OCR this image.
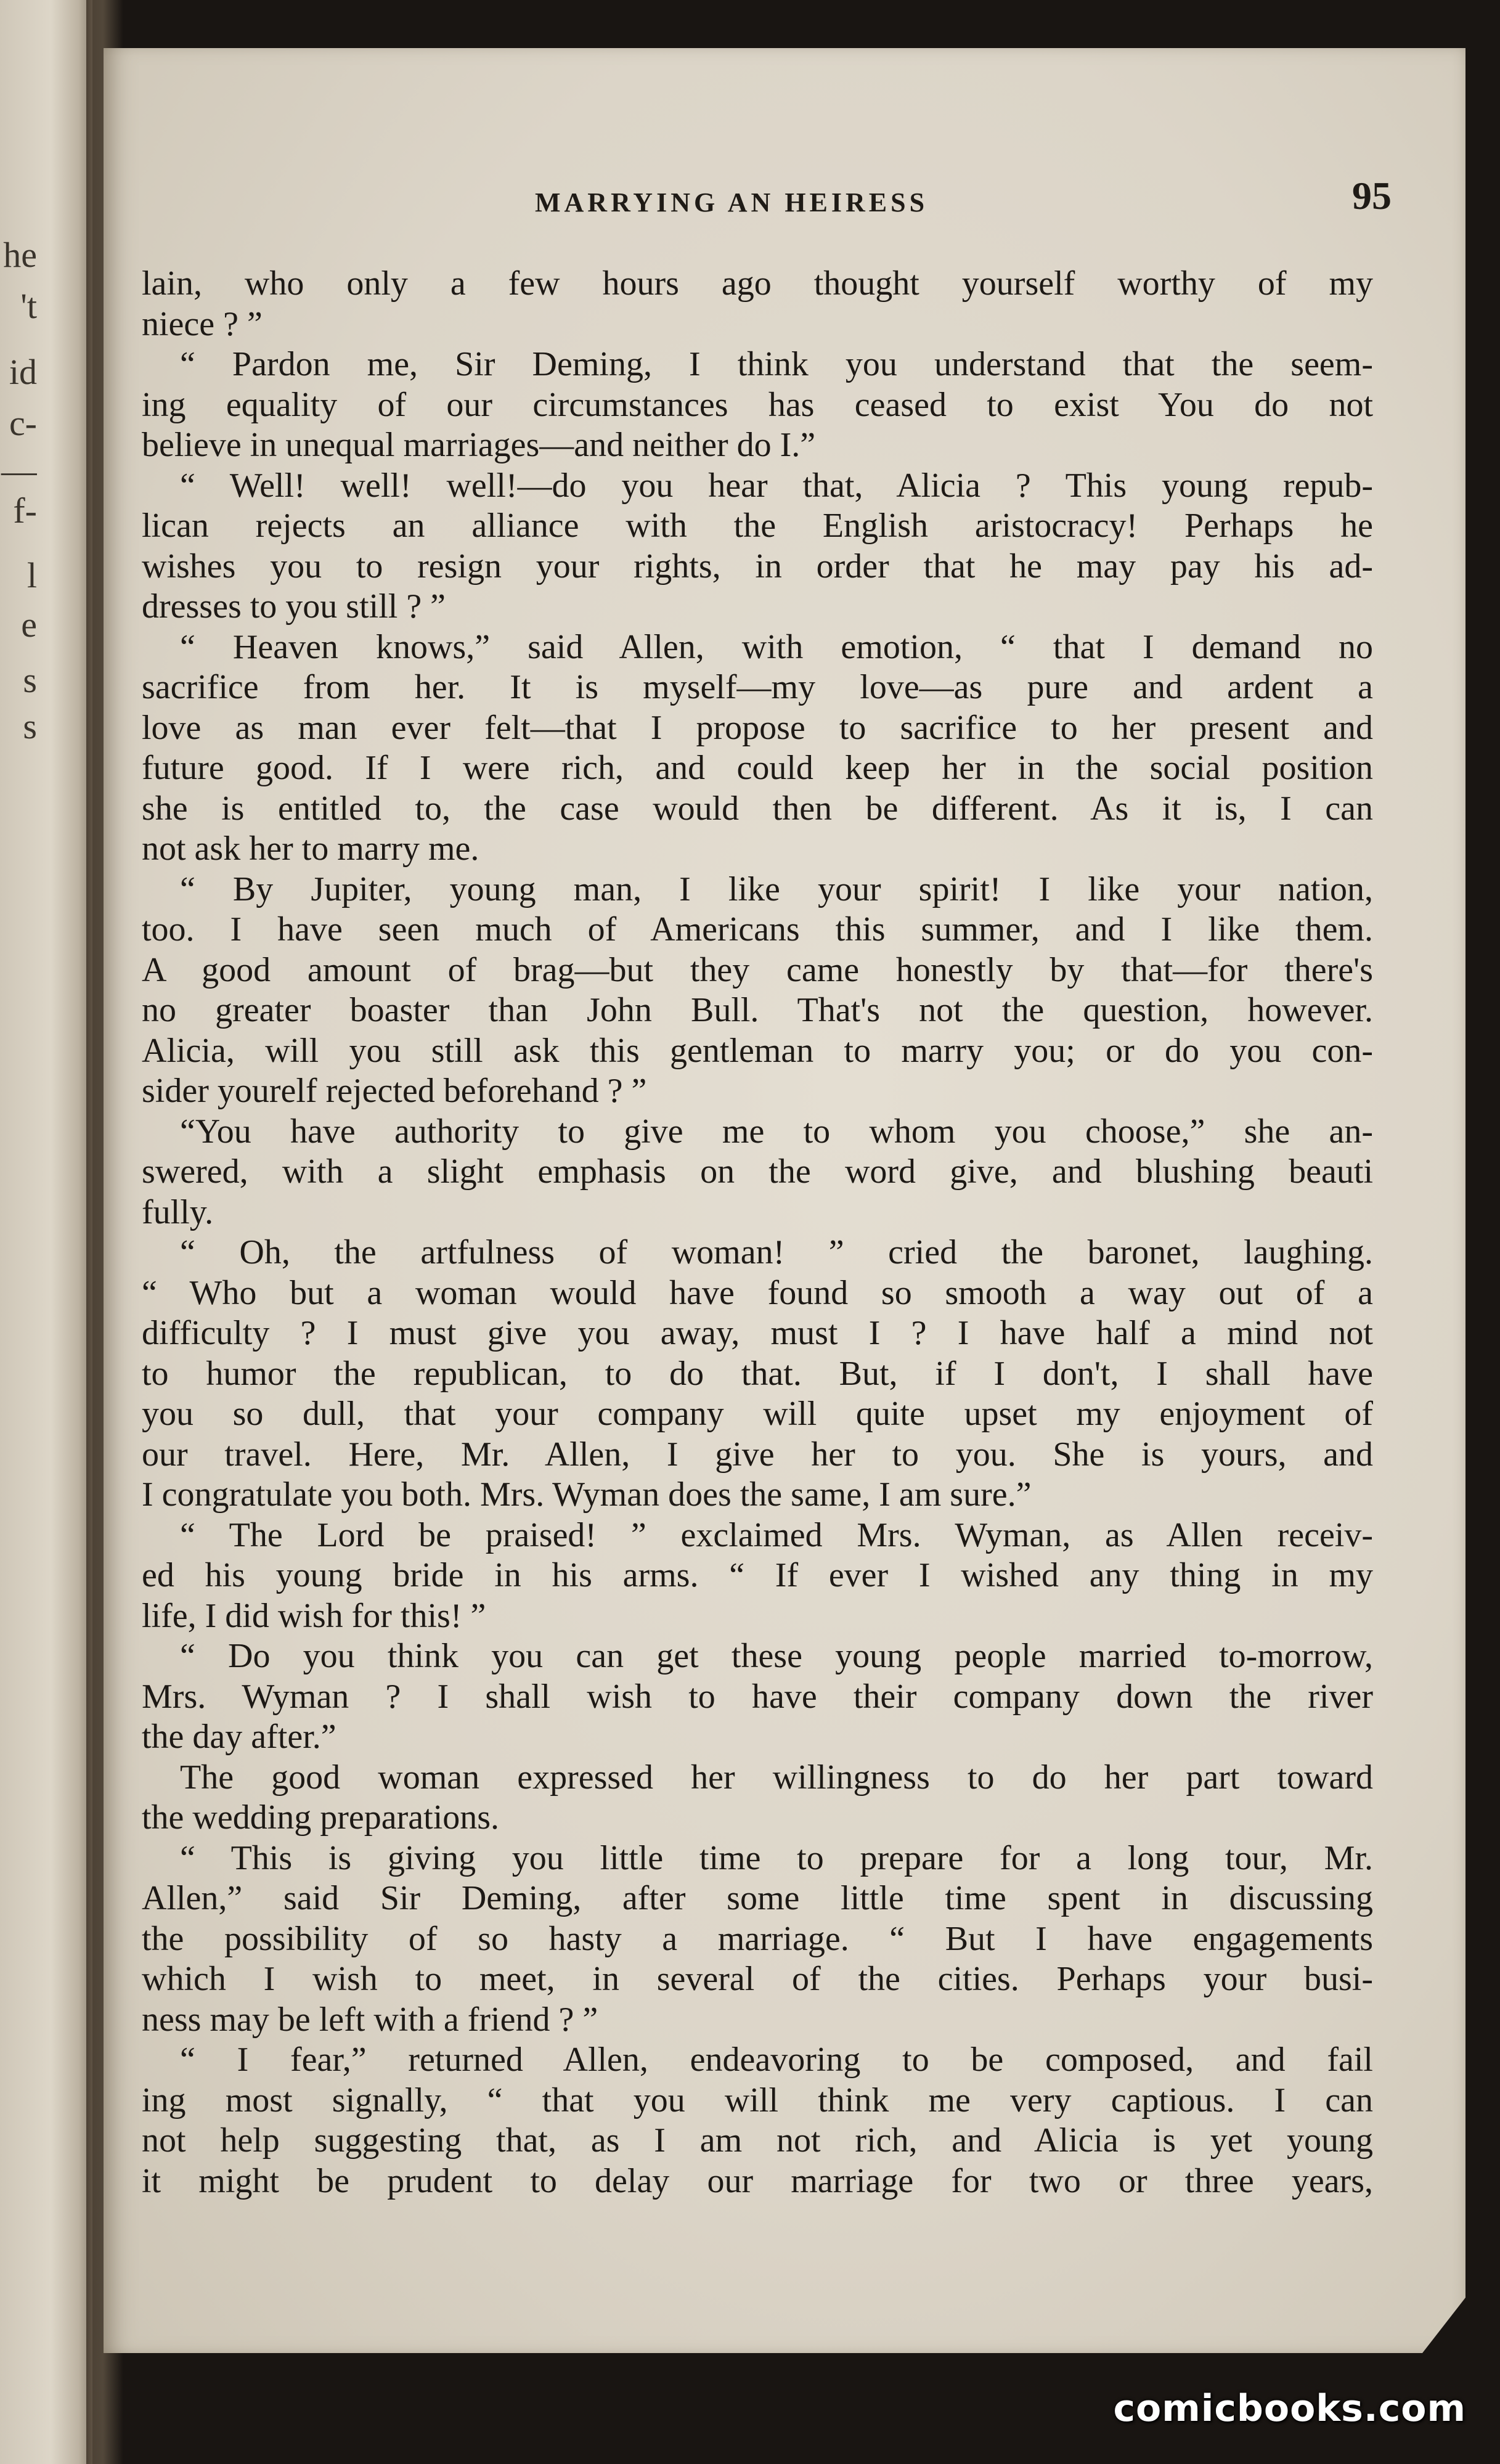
he
't
id
c-
—
f-
l
e
s
s
MARRYING AN HEIRESS	95
lain, who only a few hours ago thought yourself worthy of my
niece ? ”
“ Pardon me, Sir Deming, I think you understand that the seem-
ing equality of our circumstances has ceased to exist You do not
believe in unequal marriages—and neither do I.”
“ Well! well! well!—do you hear that, Alicia ? This young repub-
lican rejects an alliance with the English aristocracy! Perhaps he
wishes you to resign your rights, in order that he may pay his ad-
dresses to you still ? ”
“ Heaven knows,” said Allen, with emotion, “ that I demand no
sacrifice from her. It is myself—my love—as pure and ardent a
love as man ever felt—that I propose to sacrifice to her present and
future good. If I were rich, and could keep her in the social position
she is entitled to, the case would then be different. As it is, I can
not ask her to marry me.
“ By Jupiter, young man, I like your spirit! I like your nation,
too. I have seen much of Americans this summer, and I like them.
A good amount of brag—but they came honestly by that—for there's
no greater boaster than John Bull. That's not the question, however.
Alicia, will you still ask this gentleman to marry you; or do you con-
sider yourelf rejected beforehand ? ”
“You have authority to give me to whom you choose,” she an-
swered, with a slight emphasis on the word give, and blushing beauti
fully.
“ Oh, the artfulness of woman! ” cried the baronet, laughing.
“ Who but a woman would have found so smooth a way out of a
difficulty ? I must give you away, must I ? I have half a mind not
to humor the republican, to do that. But, if I don't, I shall have
you so dull, that your company will quite upset my enjoyment of
our travel. Here, Mr. Allen, I give her to you. She is yours, and
I congratulate you both. Mrs. Wyman does the same, I am sure.”
“ The Lord be praised! ” exclaimed Mrs. Wyman, as Allen receiv-
ed his young bride in his arms. “ If ever I wished any thing in my
life, I did wish for this! ”
“ Do you think you can get these young people married to-morrow,
Mrs. Wyman ? I shall wish to have their company down the river
the day after.”
The good woman expressed her willingness to do her part toward
the wedding preparations.
“ This is giving you little time to prepare for a long tour, Mr.
Allen,” said Sir Deming, after some little time spent in discussing
the possibility of so hasty a marriage. “ But I have engagements
which I wish to meet, in several of the cities. Perhaps your busi-
ness may be left with a friend ? ”
“ I fear,” returned Allen, endeavoring to be composed, and fail
ing most signally, “ that you will think me very captious. I can
not help suggesting that, as I am not rich, and Alicia is yet young
it might be prudent to delay our marriage for two or three years,
comicbooks.com
